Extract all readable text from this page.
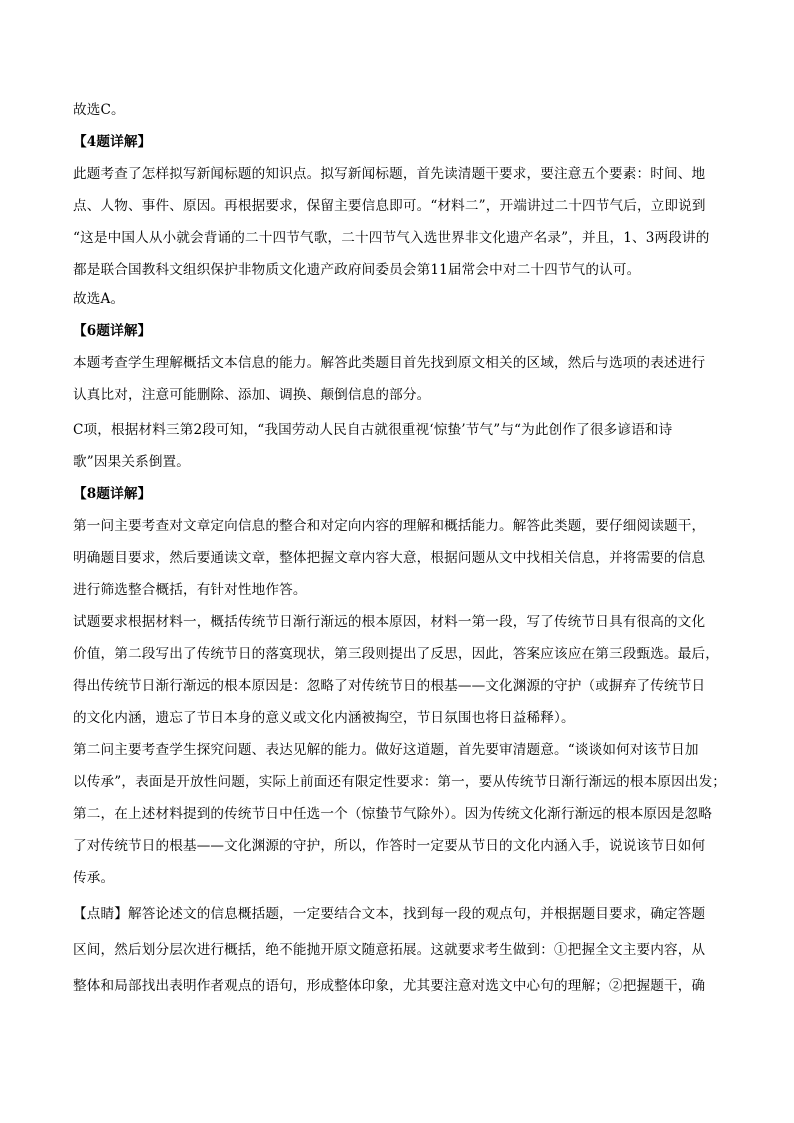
故选C。
【4题详解】
此题考查了怎样拟写新闻标题的知识点。拟写新闻标题，首先读清题干要求，要注意五个要素：时间、地
点、人物、事件、原因。再根据要求，保留主要信息即可。“材料二”，开端讲过二十四节气后，立即说到
“这是中国人从小就会背诵的二十四节气歌，二十四节气入选世界非文化遗产名录”，并且，1、3两段讲的
都是联合国教科文组织保护非物质文化遗产政府间委员会第11届常会中对二十四节气的认可。
故选A。
【6题详解】
本题考查学生理解概括文本信息的能力。解答此类题目首先找到原文相关的区域，然后与选项的表述进行
认真比对，注意可能删除、添加、调换、颠倒信息的部分。
C项，根据材料三第2段可知，“我国劳动人民自古就很重视‘惊蛰’节气”与“为此创作了很多谚语和诗
歌”因果关系倒置。
【8题详解】
第一问主要考查对文章定向信息的整合和对定向内容的理解和概括能力。解答此类题，要仔细阅读题干，
明确题目要求，然后要通读文章，整体把握文章内容大意，根据问题从文中找相关信息，并将需要的信息
进行筛选整合概括，有针对性地作答。
试题要求根据材料一，概括传统节日渐行渐远的根本原因，材料一第一段，写了传统节日具有很高的文化
价值，第二段写出了传统节日的落寞现状，第三段则提出了反思，因此，答案应该应在第三段甄选。最后，
得出传统节日渐行渐远的根本原因是：忽略了对传统节日的根基——文化渊源的守护（或摒弃了传统节日
的文化内涵，遗忘了节日本身的意义或文化内涵被掏空，节日氛围也将日益稀释）。
第二问主要考查学生探究问题、表达见解的能力。做好这道题，首先要审清题意。“谈谈如何对该节日加
以传承”，表面是开放性问题，实际上前面还有限定性要求：第一，要从传统节日渐行渐远的根本原因出发；
第二，在上述材料提到的传统节日中任选一个（惊蛰节气除外）。因为传统文化渐行渐远的根本原因是忽略
了对传统节日的根基——文化渊源的守护，所以，作答时一定要从节日的文化内涵入手，说说该节日如何
传承。
【点睛】解答论述文的信息概括题，一定要结合文本，找到每一段的观点句，并根据题目要求，确定答题
区间，然后划分层次进行概括，绝不能抛开原文随意拓展。这就要求考生做到：①把握全文主要内容，从
整体和局部找出表明作者观点的语句，形成整体印象，尤其要注意对选文中心句的理解；②把握题干，确
